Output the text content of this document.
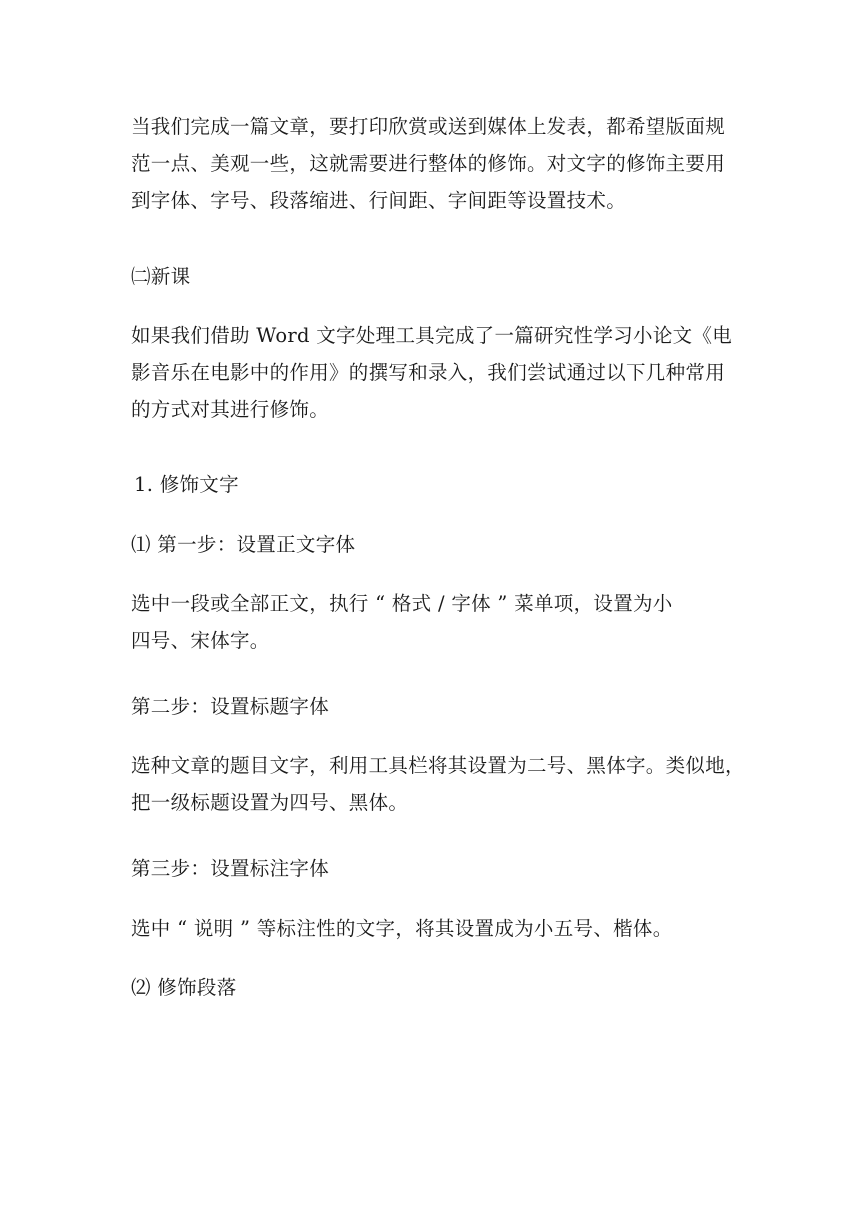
当我们完成一篇文章，要打印欣赏或送到媒体上发表，都希望版面规
范一点、美观一些，这就需要进行整体的修饰。对文字的修饰主要用
到字体、字号、段落缩进、行间距、字间距等设置技术。
㈡新课
如果我们借助 Word 文字处理工具完成了一篇研究性学习小论文《电
影音乐在电影中的作用》的撰写和录入，我们尝试通过以下几种常用
的方式对其进行修饰。
1. 修饰文字
⑴ 第一步：设置正文字体
选中一段或全部正文，执行 “ 格式 / 字体 ” 菜单项，设置为小
四号、宋体字。
第二步：设置标题字体
选种文章的题目文字，利用工具栏将其设置为二号、黑体字。类似地，
把一级标题设置为四号、黑体。
第三步：设置标注字体
选中 “ 说明 ” 等标注性的文字，将其设置成为小五号、楷体。
⑵ 修饰段落
